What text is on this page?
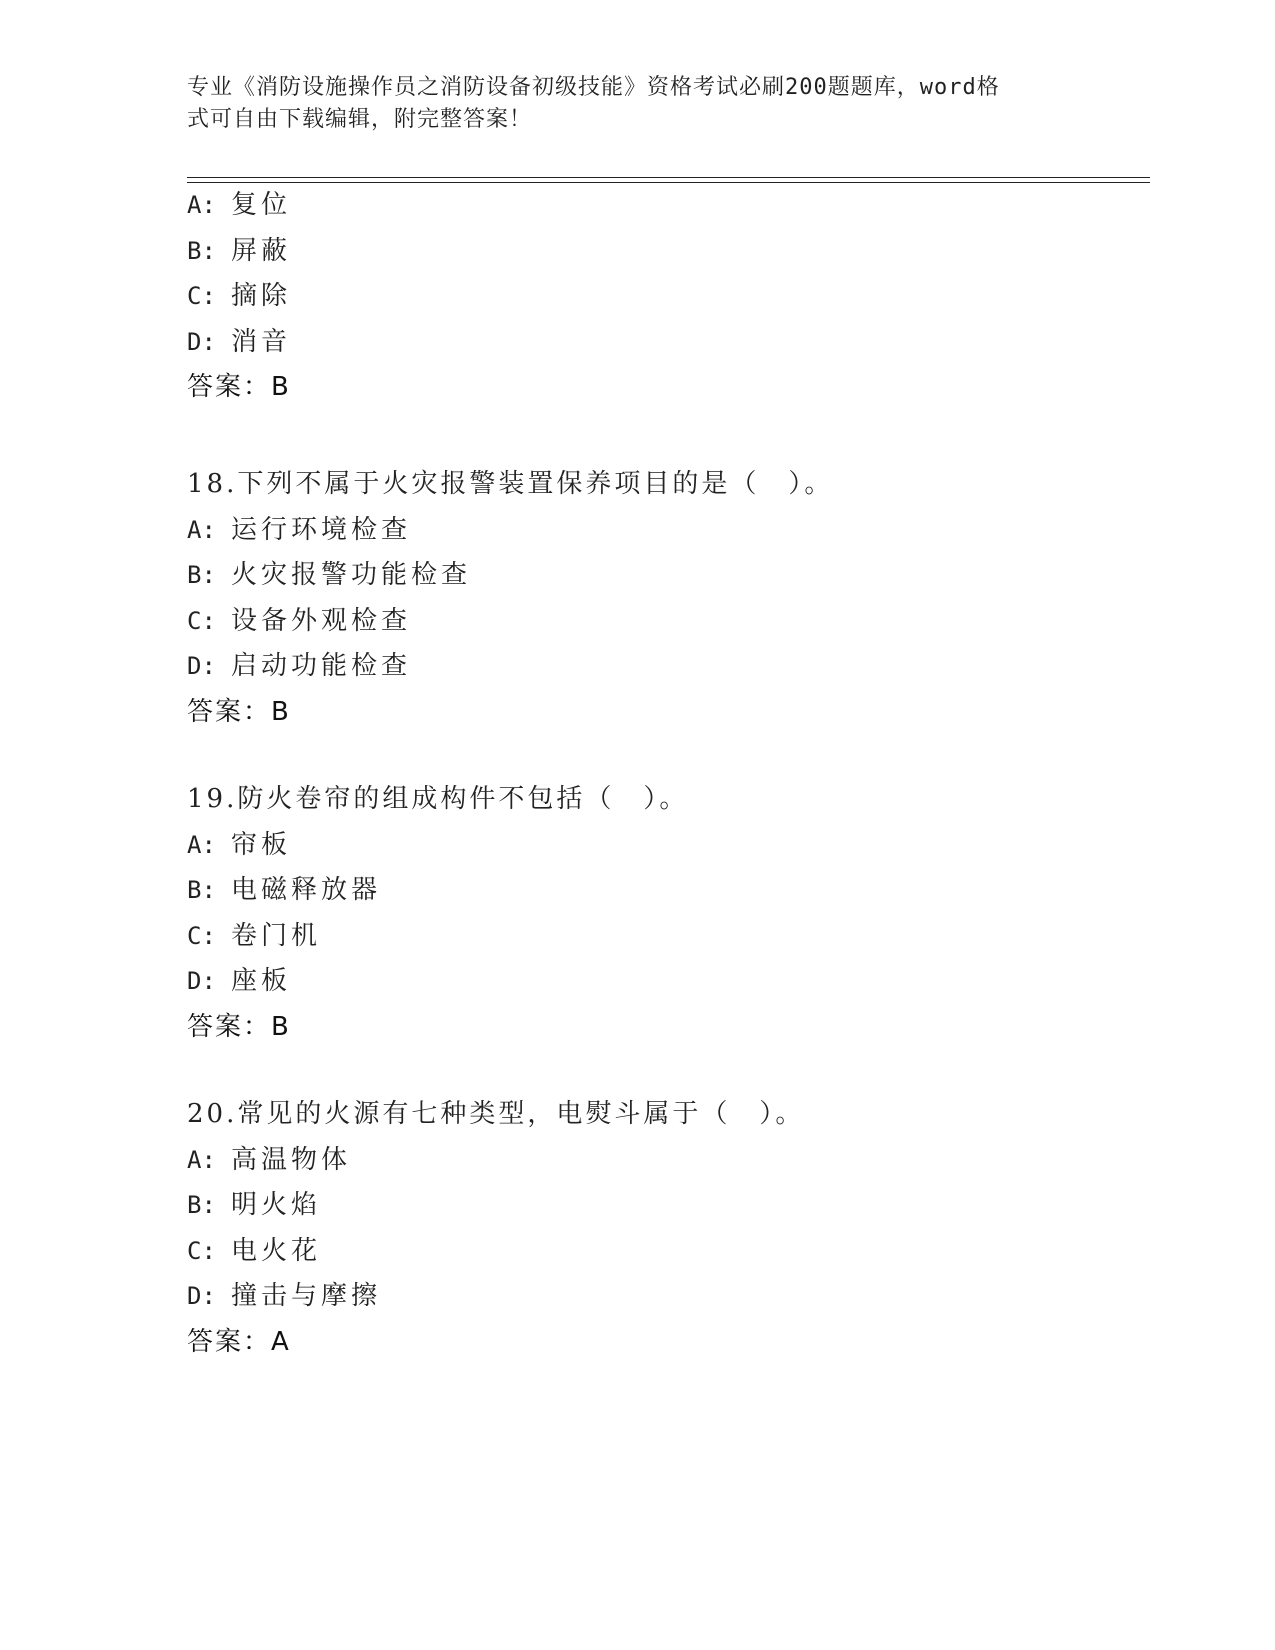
专业《消防设施操作员之消防设备初级技能》资格考试必刷200题题库，word格
式可自由下载编辑，附完整答案！
A: 复位
B: 屏蔽
C: 摘除
D: 消音
答案：B
18.下列不属于火灾报警装置保养项目的是（　）。
A: 运行环境检查
B: 火灾报警功能检查
C: 设备外观检查
D: 启动功能检查
答案：B
19.防火卷帘的组成构件不包括（　）。
A: 帘板
B: 电磁释放器
C: 卷门机
D: 座板
答案：B
20.常见的火源有七种类型，电熨斗属于（　）。
A: 高温物体
B: 明火焰
C: 电火花
D: 撞击与摩擦
答案：A
